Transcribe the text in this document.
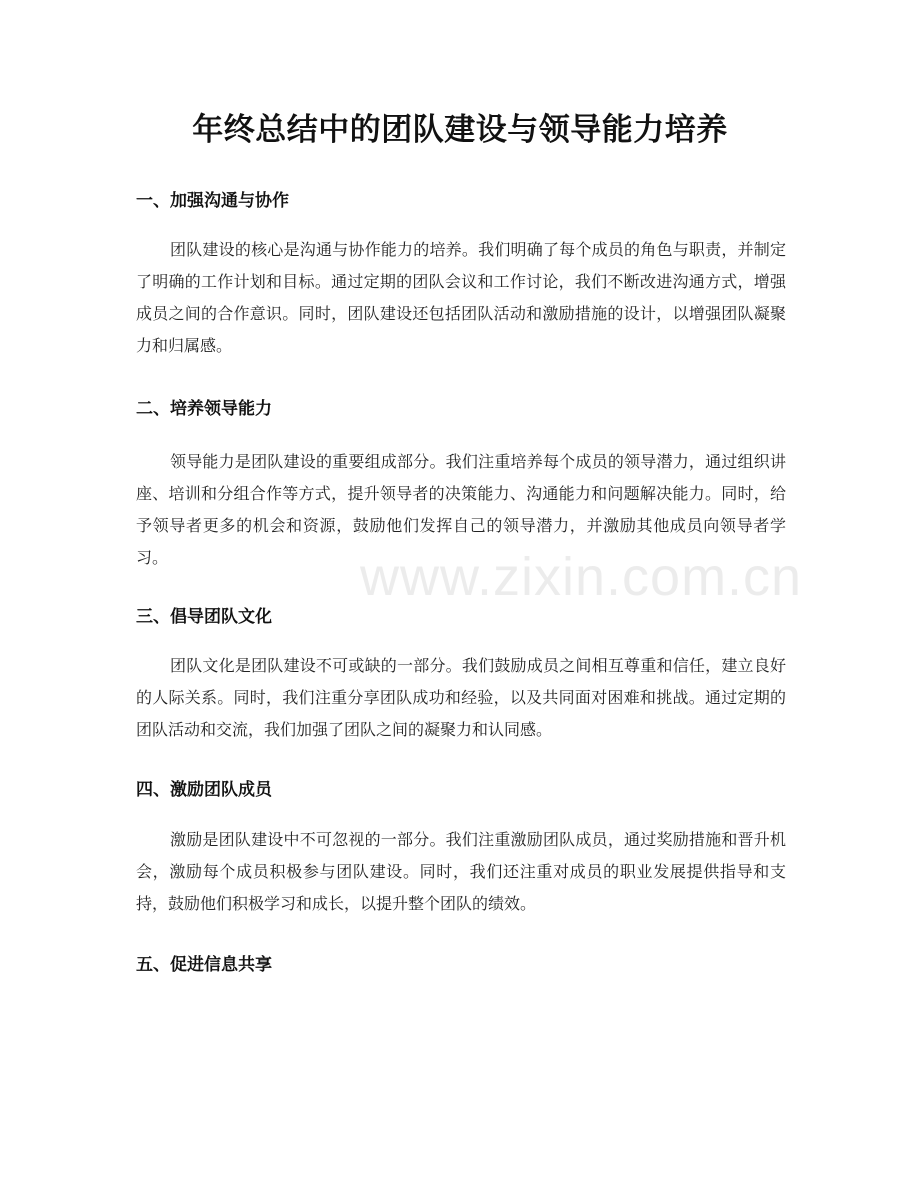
年终总结中的团队建设与领导能力培养
一、加强沟通与协作

团队建设的核心是沟通与协作能力的培养。我们明确了每个成员的角色与职责，并制定了明确的工作计划和目标。通过定期的团队会议和工作讨论，我们不断改进沟通方式，增强成员之间的合作意识。同时，团队建设还包括团队活动和激励措施的设计，以增强团队凝聚力和归属感。

二、培养领导能力

领导能力是团队建设的重要组成部分。我们注重培养每个成员的领导潜力，通过组织讲座、培训和分组合作等方式，提升领导者的决策能力、沟通能力和问题解决能力。同时，给予领导者更多的机会和资源，鼓励他们发挥自己的领导潜力，并激励其他成员向领导者学习。

三、倡导团队文化

团队文化是团队建设不可或缺的一部分。我们鼓励成员之间相互尊重和信任，建立良好的人际关系。同时，我们注重分享团队成功和经验，以及共同面对困难和挑战。通过定期的团队活动和交流，我们加强了团队之间的凝聚力和认同感。

四、激励团队成员

激励是团队建设中不可忽视的一部分。我们注重激励团队成员，通过奖励措施和晋升机会，激励每个成员积极参与团队建设。同时，我们还注重对成员的职业发展提供指导和支持，鼓励他们积极学习和成长，以提升整个团队的绩效。

五、促进信息共享
www.zixin.com.cn
